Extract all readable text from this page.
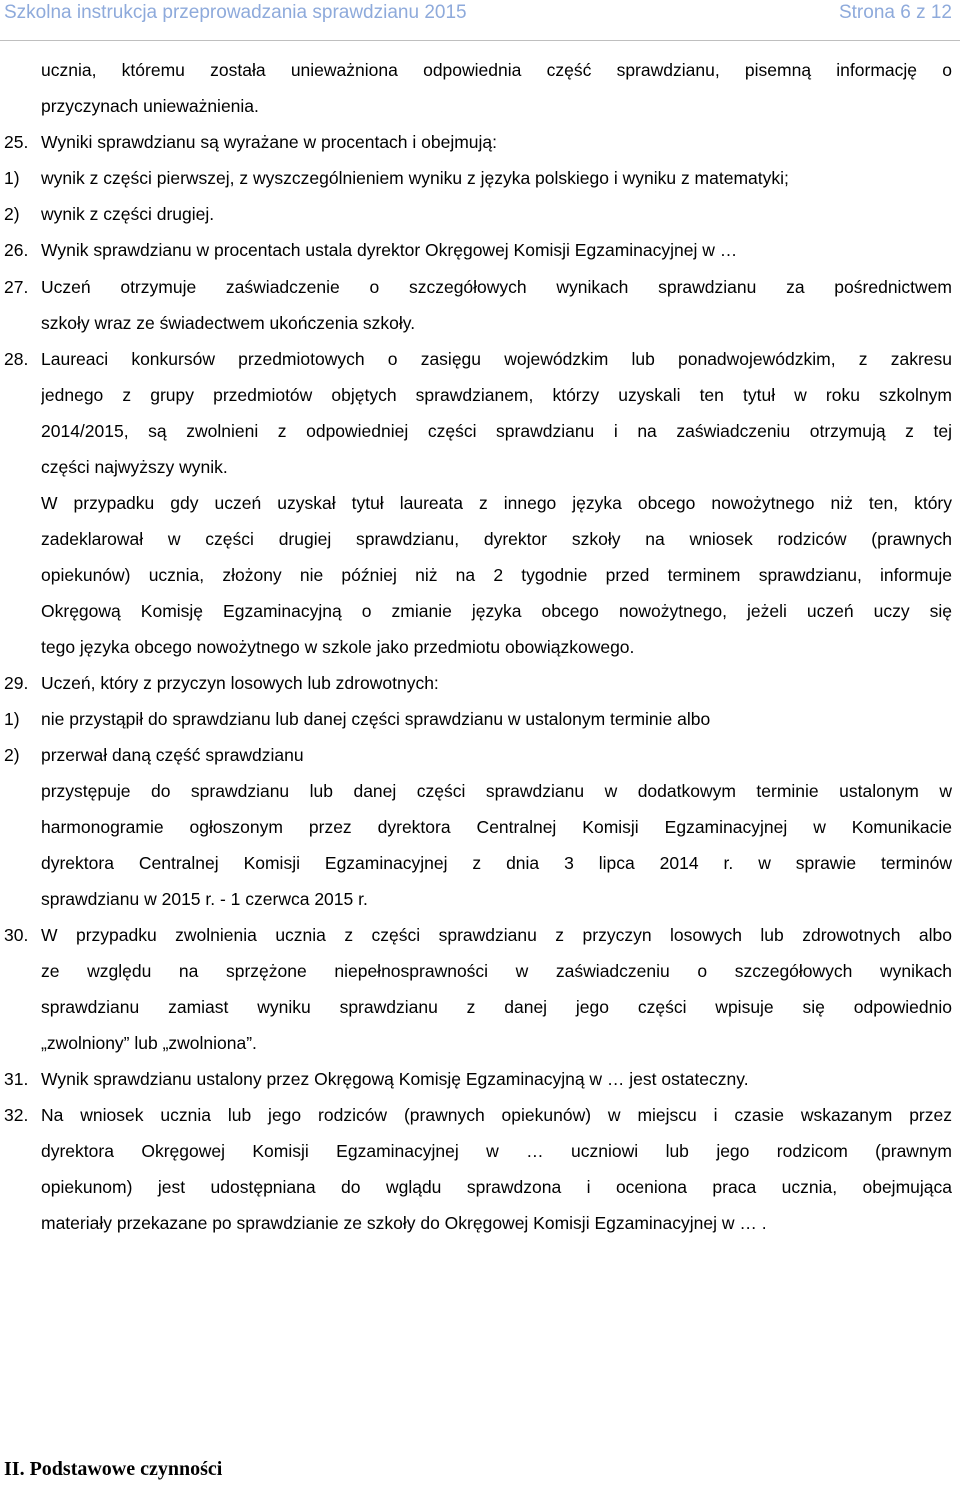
Szkolna instrukcja przeprowadzania sprawdzianu 2015	Strona 6 z 12
ucznia, któremu została unieważniona odpowiednia część sprawdzianu, pisemną informację o
przyczynach unieważnienia.
25. Wyniki sprawdzianu są wyrażane w procentach i obejmują:
1) wynik z części pierwszej, z wyszczególnieniem wyniku z języka polskiego i wyniku z matematyki;
2) wynik z części drugiej.
26. Wynik sprawdzianu w procentach ustala dyrektor Okręgowej Komisji Egzaminacyjnej w …
27. Uczeń otrzymuje zaświadczenie o szczegółowych wynikach sprawdzianu za pośrednictwem
szkoły wraz ze świadectwem ukończenia szkoły.
28. Laureaci konkursów przedmiotowych o zasięgu wojewódzkim lub ponadwojewódzkim, z zakresu
jednego z grupy przedmiotów objętych sprawdzianem, którzy uzyskali ten tytuł w roku szkolnym
2014/2015, są zwolnieni z odpowiedniej części sprawdzianu i na zaświadczeniu otrzymują z tej
części najwyższy wynik.
W przypadku gdy uczeń uzyskał tytuł laureata z innego języka obcego nowożytnego niż ten, który
zadeklarował w części drugiej sprawdzianu, dyrektor szkoły na wniosek rodziców (prawnych
opiekunów) ucznia, złożony nie później niż na 2 tygodnie przed terminem sprawdzianu, informuje
Okręgową Komisję Egzaminacyjną o zmianie języka obcego nowożytnego, jeżeli uczeń uczy się
tego języka obcego nowożytnego w szkole jako przedmiotu obowiązkowego.
29. Uczeń, który z przyczyn losowych lub zdrowotnych:
1) nie przystąpił do sprawdzianu lub danej części sprawdzianu w ustalonym terminie albo
2) przerwał daną część sprawdzianu
przystępuje do sprawdzianu lub danej części sprawdzianu w dodatkowym terminie ustalonym w
harmonogramie ogłoszonym przez dyrektora Centralnej Komisji Egzaminacyjnej w Komunikacie
dyrektora Centralnej Komisji Egzaminacyjnej z dnia 3 lipca 2014 r. w sprawie terminów
sprawdzianu w 2015 r. - 1 czerwca 2015 r.
30. W przypadku zwolnienia ucznia z części sprawdzianu z przyczyn losowych lub zdrowotnych albo
ze względu na sprzężone niepełnosprawności w zaświadczeniu o szczegółowych wynikach
sprawdzianu zamiast wyniku sprawdzianu z danej jego części wpisuje się odpowiednio
„zwolniony” lub „zwolniona”.
31. Wynik sprawdzianu ustalony przez Okręgową Komisję Egzaminacyjną w … jest ostateczny.
32. Na wniosek ucznia lub jego rodziców (prawnych opiekunów) w miejscu i czasie wskazanym przez
dyrektora Okręgowej Komisji Egzaminacyjnej w … uczniowi lub jego rodzicom (prawnym
opiekunom) jest udostępniana do wglądu sprawdzona i oceniona praca ucznia, obejmująca
materiały przekazane po sprawdzianie ze szkoły do Okręgowej Komisji Egzaminacyjnej w … .
II. Podstawowe czynności
